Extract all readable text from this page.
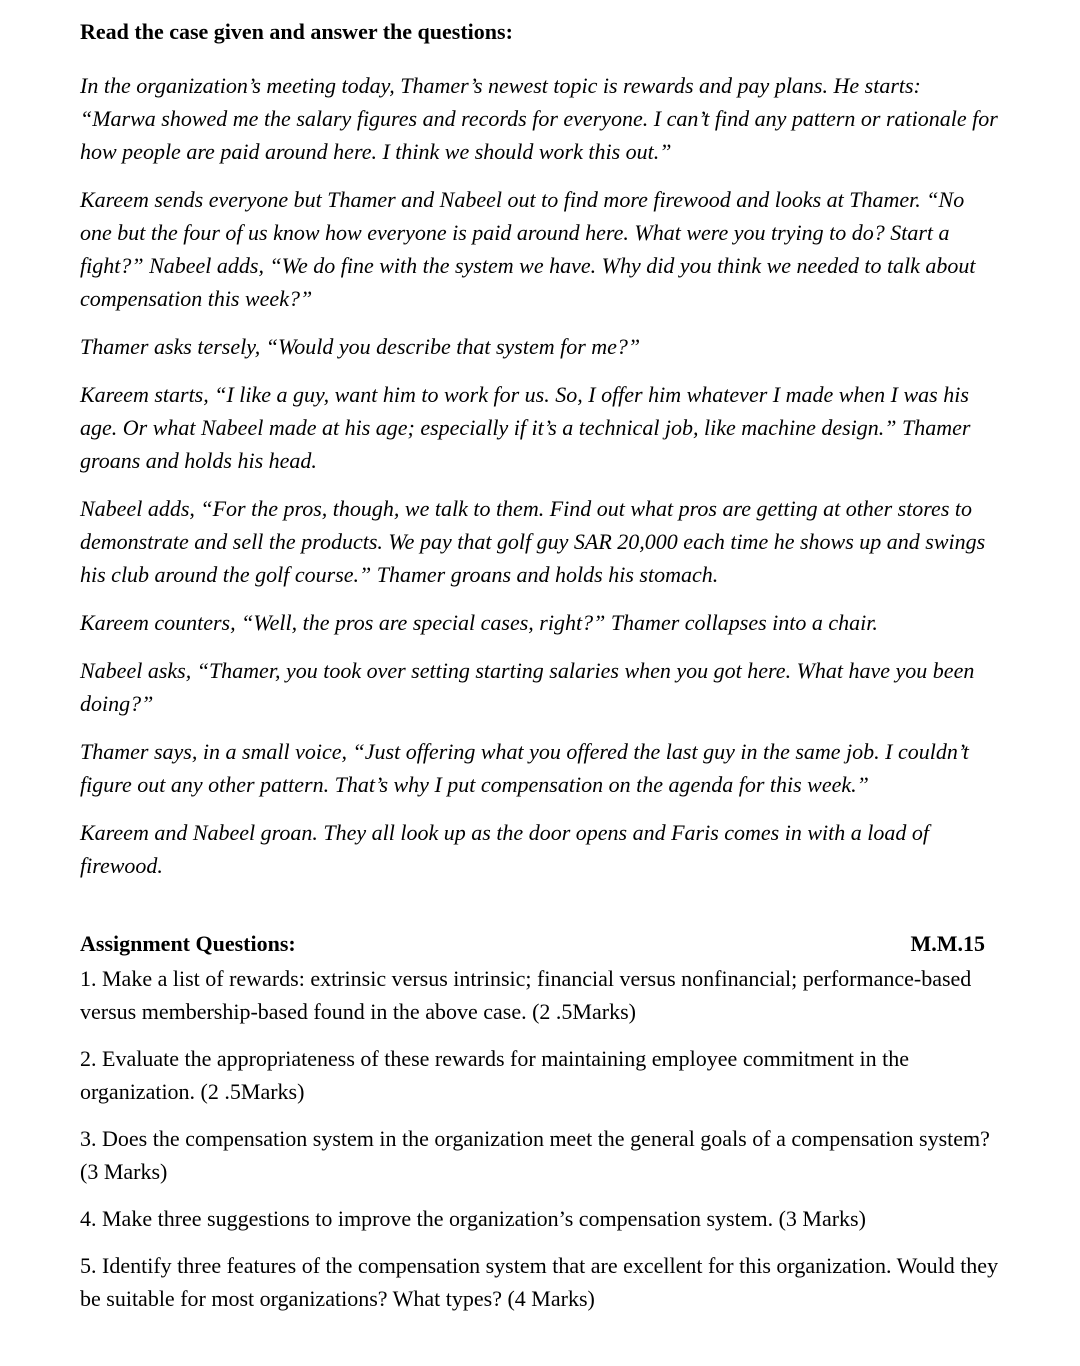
Read the case given and answer the questions:

In the organization’s meeting today, Thamer’s newest topic is rewards and pay plans. He starts: “Marwa showed me the salary figures and records for everyone. I can’t find any pattern or rationale for how people are paid around here. I think we should work this out.”

Kareem sends everyone but Thamer and Nabeel out to find more firewood and looks at Thamer. “No one but the four of us know how everyone is paid around here. What were you trying to do? Start a fight?” Nabeel adds, “We do fine with the system we have. Why did you think we needed to talk about compensation this week?”

Thamer asks tersely, “Would you describe that system for me?”

Kareem starts, “I like a guy, want him to work for us. So, I offer him whatever I made when I was his age. Or what Nabeel made at his age; especially if it’s a technical job, like machine design.” Thamer groans and holds his head.

Nabeel adds, “For the pros, though, we talk to them. Find out what pros are getting at other stores to demonstrate and sell the products. We pay that golf guy SAR 20,000 each time he shows up and swings his club around the golf course.” Thamer groans and holds his stomach.

Kareem counters, “Well, the pros are special cases, right?” Thamer collapses into a chair.

Nabeel asks, “Thamer, you took over setting starting salaries when you got here. What have you been doing?”

Thamer says, in a small voice, “Just offering what you offered the last guy in the same job. I couldn’t figure out any other pattern. That’s why I put compensation on the agenda for this week.”

Kareem and Nabeel groan. They all look up as the door opens and Faris comes in with a load of firewood.

Assignment Questions:	M.M.15

1. Make a list of rewards: extrinsic versus intrinsic; financial versus nonfinancial; performance-based versus membership-based found in the above case. (2 .5Marks)

2. Evaluate the appropriateness of these rewards for maintaining employee commitment in the organization. (2 .5Marks)

3. Does the compensation system in the organization meet the general goals of a compensation system? (3 Marks)

4. Make three suggestions to improve the organization’s compensation system. (3 Marks)

5. Identify three features of the compensation system that are excellent for this organization. Would they be suitable for most organizations? What types? (4 Marks)
